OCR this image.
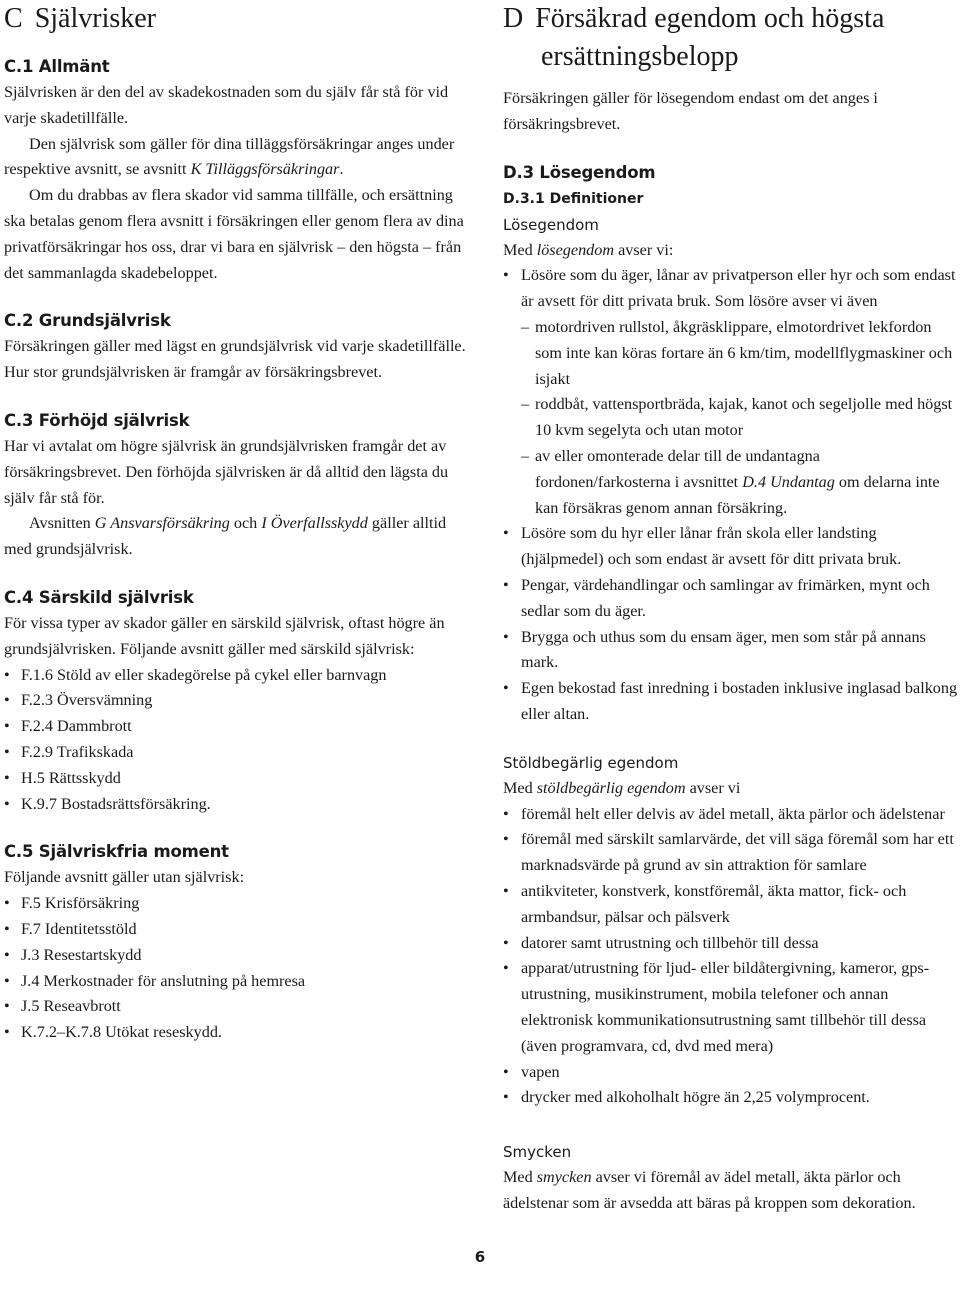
C Självrisker
C.1 Allmänt

Självrisken är den del av skadekostnaden som du själv får stå för vid varje skadetillfälle.

Den självrisk som gäller för dina tilläggsförsäkringar anges under respektive avsnitt, se avsnitt K Tilläggsförsäkringar.

Om du drabbas av flera skador vid samma tillfälle, och ersättning ska betalas genom flera avsnitt i försäkringen eller genom flera av dina privatförsäkringar hos oss, drar vi bara en självrisk – den högsta – från det sammanlagda skadebeloppet.

C.2 Grundsjälvrisk

Försäkringen gäller med lägst en grundsjälvrisk vid varje skadetillfälle. Hur stor grundsjälvrisken är framgår av försäkringsbrevet.

C.3 Förhöjd självrisk

Har vi avtalat om högre självrisk än grundsjälvrisken framgår det av försäkringsbrevet. Den förhöjda självrisken är då alltid den lägsta du själv får stå för.

Avsnitten G Ansvarsförsäkring och I Överfallsskydd gäller alltid med grundsjälvrisk.

C.4 Särskild självrisk

För vissa typer av skador gäller en särskild självrisk, oftast högre än grundsjälvrisken. Följande avsnitt gäller med särskild självrisk:

• F.1.6 Stöld av eller skadegörelse på cykel eller barnvagn
• F.2.3 Översvämning
• F.2.4 Dammbrott
• F.2.9 Trafikskada
• H.5 Rättsskydd
• K.9.7 Bostadsrättsförsäkring.
C.5 Självriskfria moment

Följande avsnitt gäller utan självrisk:

• F.5 Krisförsäkring
• F.7 Identitetsstöld
• J.3 Resestartskydd
• J.4 Merkostnader för anslutning på hemresa
• J.5 Reseavbrott
• K.7.2–K.7.8 Utökat reseskydd.
D Försäkrad egendom och högsta ersättningsbelopp

Försäkringen gäller för lösegendom endast om det anges i försäkringsbrevet.

D.3 Lösegendom
D.3.1 Definitioner
Lösegendom

Med lösegendom avser vi:

• Lösöre som du äger, lånar av privatperson eller hyr och som endast är avsett för ditt privata bruk. Som lösöre avser vi även
– motordriven rullstol, åkgräsklippare, elmotordrivet lekfordon som inte kan köras fortare än 6 km/tim, modellflygmaskiner och isjakt
– roddbåt, vattensportbräda, kajak, kanot och segeljolle med högst 10 kvm segelyta och utan motor
– av eller omonterade delar till de undantagna fordonen/farkosterna i avsnittet D.4 Undantag om delarna inte kan försäkras genom annan försäkring.
• Lösöre som du hyr eller lånar från skola eller landsting (hjälpmedel) och som endast är avsett för ditt privata bruk.
• Pengar, värdehandlingar och samlingar av frimärken, mynt och sedlar som du äger.
• Brygga och uthus som du ensam äger, men som står på annans mark.
• Egen bekostad fast inredning i bostaden inklusive inglasad balkong eller altan.
Stöldbegärlig egendom

Med stöldbegärlig egendom avser vi

• föremål helt eller delvis av ädel metall, äkta pärlor och ädelstenar
• föremål med särskilt samlarvärde, det vill säga föremål som har ett marknadsvärde på grund av sin attraktion för samlare
• antikviteter, konstverk, konstföremål, äkta mattor, fick- och armbandsur, pälsar och pälsverk
• datorer samt utrustning och tillbehör till dessa
• apparat/utrustning för ljud- eller bildåtergivning, kameror, gps-utrustning, musikinstrument, mobila telefoner och annan elektronisk kommunikationsutrustning samt tillbehör till dessa (även programvara, cd, dvd med mera)
• vapen
• drycker med alkoholhalt högre än 2,25 volymprocent.
Smycken

Med smycken avser vi föremål av ädel metall, äkta pärlor och ädelstenar som är avsedda att bäras på kroppen som dekoration.

6
